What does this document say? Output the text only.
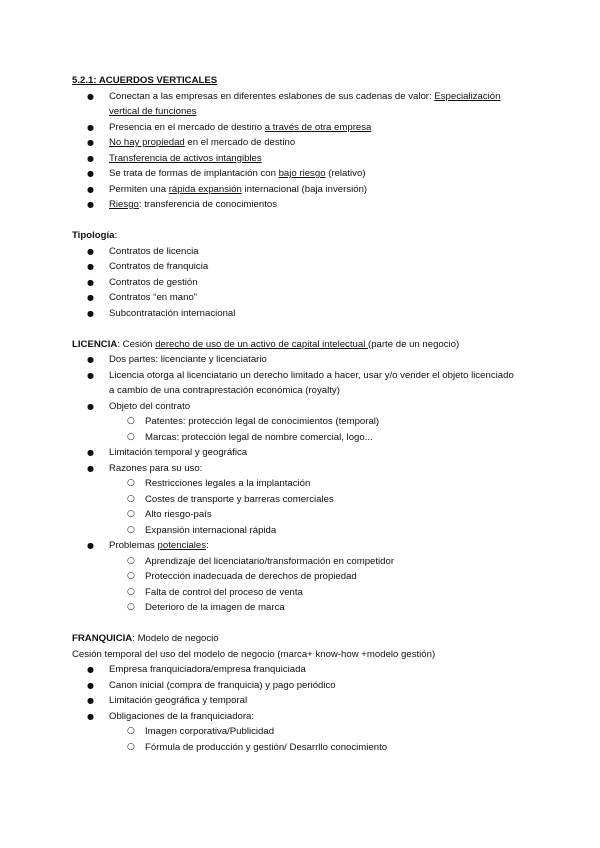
5.2.1: ACUERDOS VERTICALES
● Conectan a las empresas en diferentes eslabones de sus cadenas de valor: Especialización vertical de funciones
● Presencia en el mercado de destino a través de otra empresa
● No hay propiedad en el mercado de destino
● Transferencia de activos intangibles
● Se trata de formas de implantación con bajo riesgo (relativo)
● Permiten una rápida expansión internacional (baja inversión)
● Riesgo: transferencia de conocimientos
Tipología:
● Contratos de licencia
● Contratos de franquicia
● Contratos de gestión
● Contratos “en mano”
● Subcontratación internacional
LICENCIA: Cesión derecho de uso de un activo de capital intelectual (parte de un negocio)
● Dos partes: licenciante y licenciatario
● Licencia otorga al licenciatario un derecho limitado a hacer, usar y/o vender el objeto licenciado a cambio de una contraprestación económica (royalty)
● Objeto del contrato
○ Patentes: protección legal de conocimientos (temporal)
○ Marcas: protección legal de nombre comercial, logo...
● Limitación temporal y geográfica
● Razones para su uso:
○ Restricciones legales a la implantación
○ Costes de transporte y barreras comerciales
○ Alto riesgo-país
○ Expansión internacional rápida
● Problemas potenciales:
○ Aprendizaje del licenciatario/transformación en competidor
○ Protección inadecuada de derechos de propiedad
○ Falta de control del proceso de venta
○ Deterioro de la imagen de marca
FRANQUICIA: Modelo de negocio
Cesión temporal del uso del modelo de negocio (marca+ know-how +modelo gestión)
● Empresa franquiciadora/empresa franquiciada
● Canon inicial (compra de franquicia) y pago periódico
● Limitación geográfica y temporal
● Obligaciones de la franquiciadora:
○ Imagen corporativa/Publicidad
○ Fórmula de producción y gestión/ Desarrllo conocimiento
